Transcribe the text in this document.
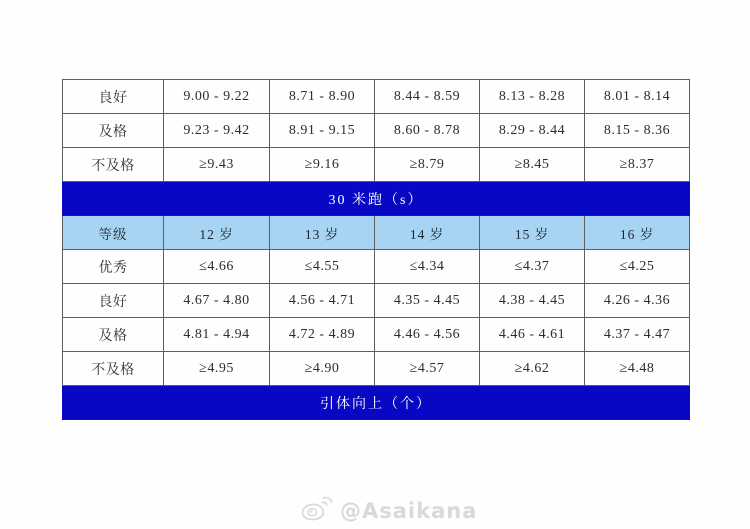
良好	9.00 - 9.22	8.71 - 8.90	8.44 - 8.59	8.13 - 8.28	8.01 - 8.14
及格	9.23 - 9.42	8.91 - 9.15	8.60 - 8.78	8.29 - 8.44	8.15 - 8.36
不及格	≥9.43	≥9.16	≥8.79	≥8.45	≥8.37
30 米跑（s）					
等级	12 岁	13 岁	14 岁	15 岁	16 岁
优秀	≤4.66	≤4.55	≤4.34	≤4.37	≤4.25
良好	4.67 - 4.80	4.56 - 4.71	4.35 - 4.45	4.38 - 4.45	4.26 - 4.36
及格	4.81 - 4.94	4.72 - 4.89	4.46 - 4.56	4.46 - 4.61	4.37 - 4.47
不及格	≥4.95	≥4.90	≥4.57	≥4.62	≥4.48
引体向上（个）					
@Asaikana
